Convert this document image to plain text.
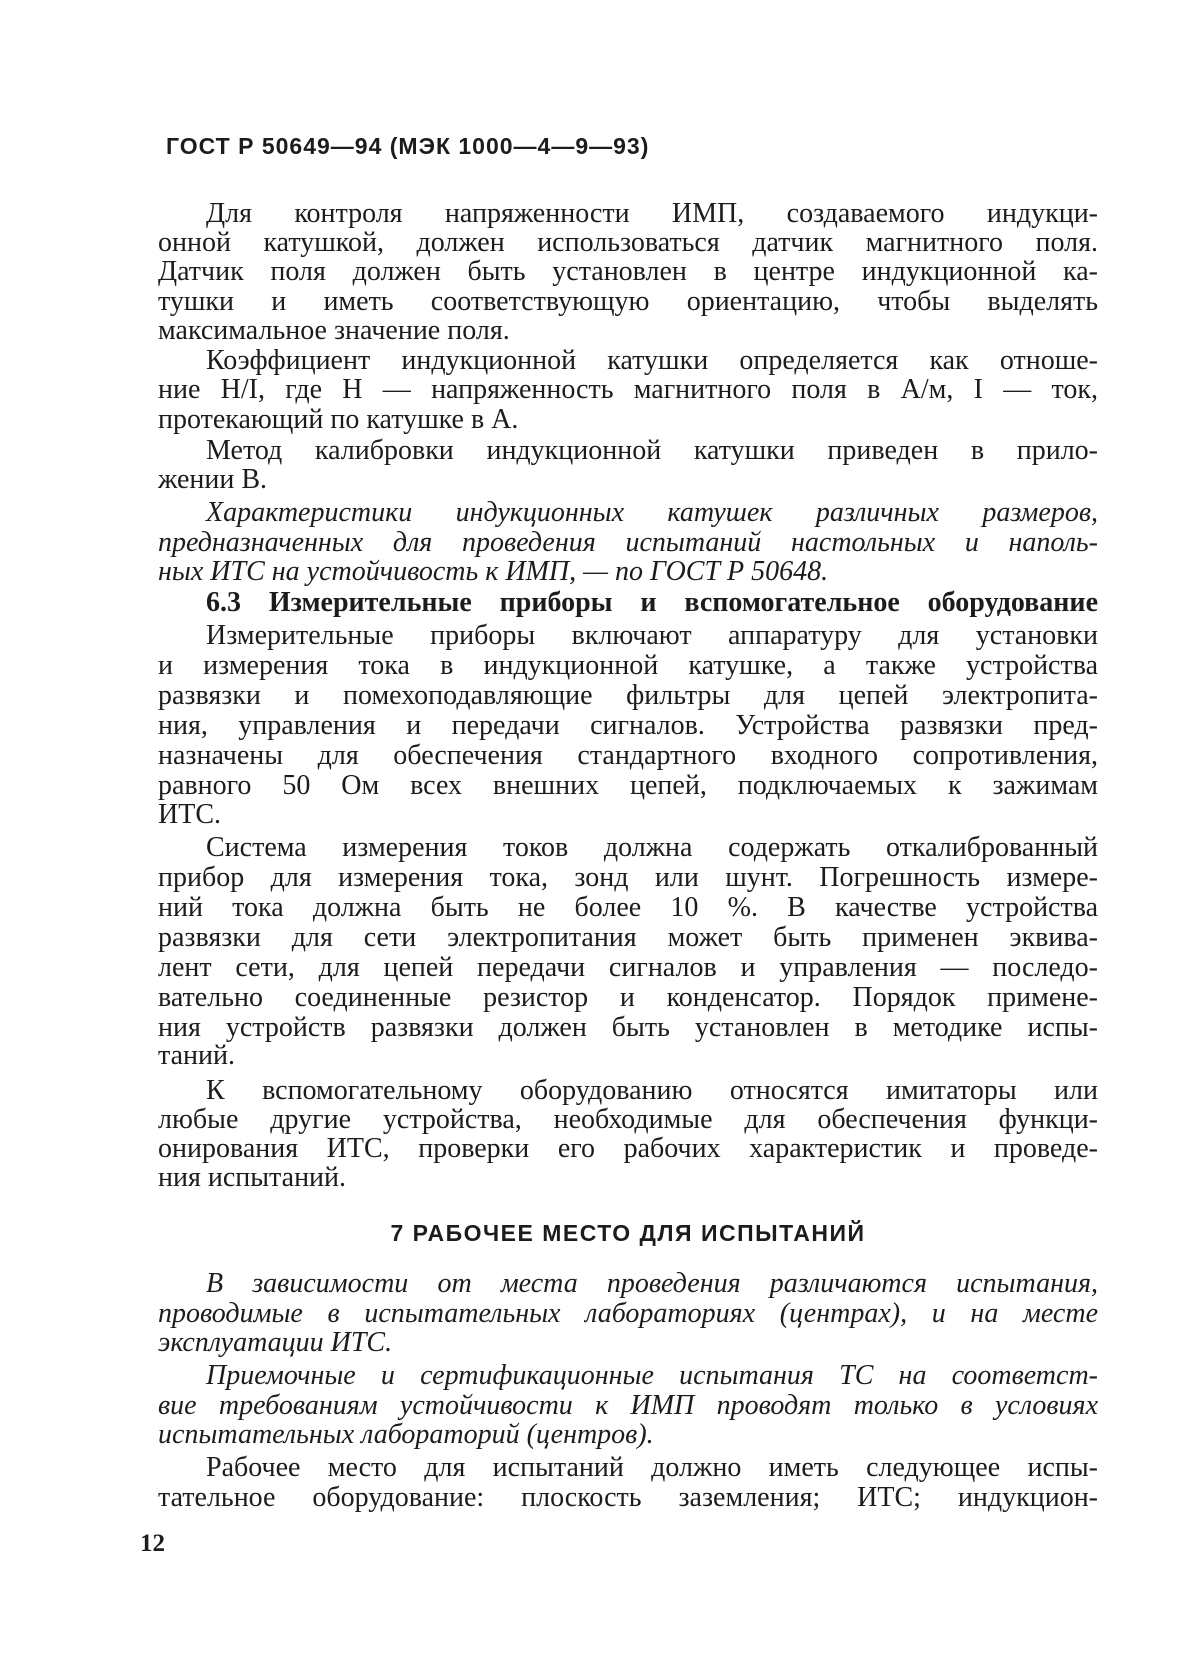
ГОСТ Р 50649—94 (МЭК 1000—4—9—93)
Для контроля напряженности ИМП, создаваемого индукци-
онной катушкой, должен использоваться датчик магнитного поля.
Датчик поля должен быть установлен в центре индукционной ка-
тушки и иметь соответствующую ориентацию, чтобы выделять
максимальное значение поля.
Коэффициент индукционной катушки определяется как отноше-
ние H/I, где H — напряженность магнитного поля в А/м, I — ток,
протекающий по катушке в А.
Метод калибровки индукционной катушки приведен в прило-
жении В.
Характеристики индукционных катушек различных размеров,
предназначенных для проведения испытаний настольных и наполь-
ных ИТС на устойчивость к ИМП, — по ГОСТ Р 50648.
6.3 Измерительные приборы и вспомогательное оборудование
Измерительные приборы включают аппаратуру для установки
и измерения тока в индукционной катушке, а также устройства
развязки и помехоподавляющие фильтры для цепей электропита-
ния, управления и передачи сигналов. Устройства развязки пред-
назначены для обеспечения стандартного входного сопротивления,
равного 50 Ом всех внешних цепей, подключаемых к зажимам
ИТС.
Система измерения токов должна содержать откалиброванный
прибор для измерения тока, зонд или шунт. Погрешность измере-
ний тока должна быть не более 10 %. В качестве устройства
развязки для сети электропитания может быть применен эквива-
лент сети, для цепей передачи сигналов и управления — последо-
вательно соединенные резистор и конденсатор. Порядок примене-
ния устройств развязки должен быть установлен в методике испы-
таний.
К вспомогательному оборудованию относятся имитаторы или
любые другие устройства, необходимые для обеспечения функци-
онирования ИТС, проверки его рабочих характеристик и проведе-
ния испытаний.
7 РАБОЧЕЕ МЕСТО ДЛЯ ИСПЫТАНИЙ
В зависимости от места проведения различаются испытания,
проводимые в испытательных лабораториях (центрах), и на месте
эксплуатации ИТС.
Приемочные и сертификационные испытания ТС на соответст-
вие требованиям устойчивости к ИМП проводят только в условиях
испытательных лабораторий (центров).
Рабочее место для испытаний должно иметь следующее испы-
тательное оборудование: плоскость заземления; ИТС; индукцион-
12
